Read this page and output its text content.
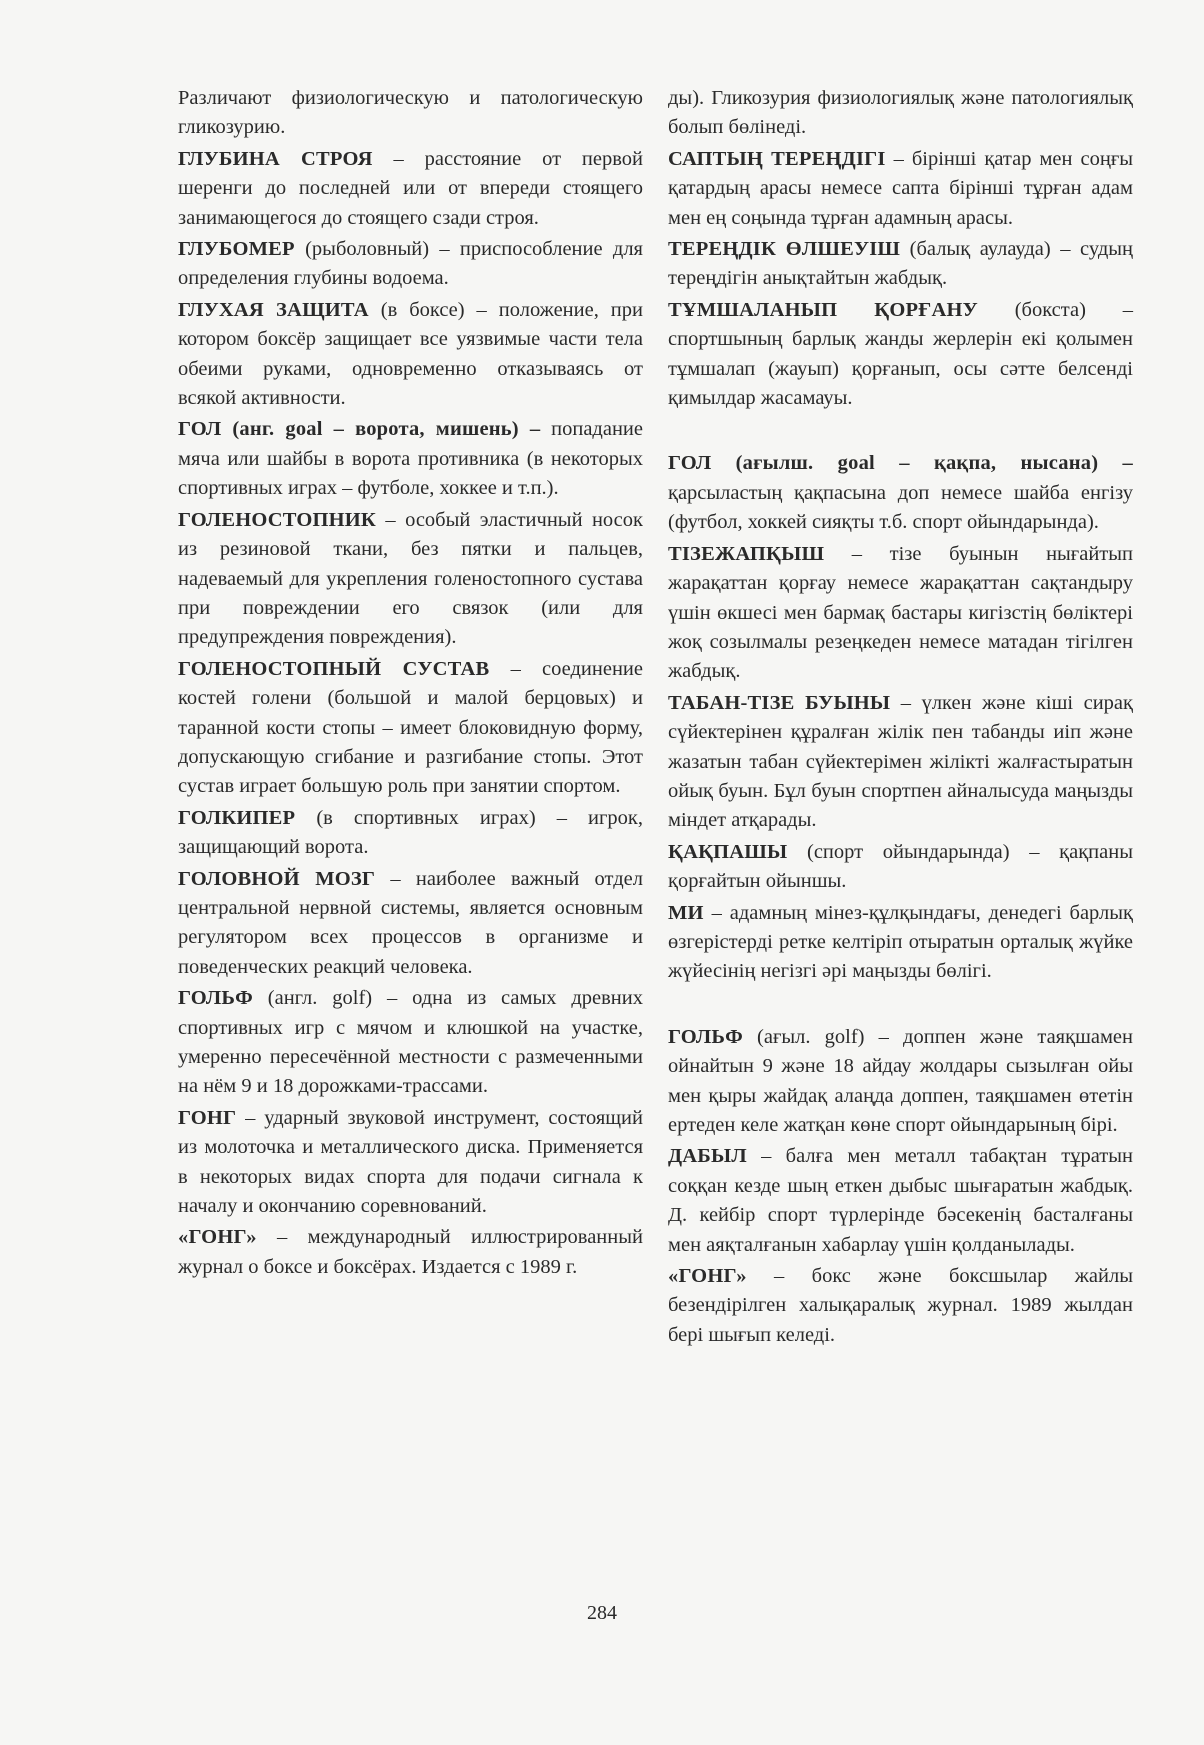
Различают физиологическую и патологическую гликозурию.

ГЛУБИНА СТРОЯ – расстояние от первой шеренги до последней или от впереди стоящего занимающегося до стоящего сзади строя.

ГЛУБОМЕР (рыболовный) – приспособление для определения глубины водоема.

ГЛУХАЯ ЗАЩИТА (в боксе) – положение, при котором боксёр защищает все уязвимые части тела обеими руками, одновременно отказываясь от всякой активности.

ГОЛ (анг. goal – ворота, мишень) – попадание мяча или шайбы в ворота противника (в некоторых спортивных играх – футболе, хоккее и т.п.).

ГОЛЕНОСТОПНИК – особый эластичный носок из резиновой ткани, без пятки и пальцев, надеваемый для укрепления голеностопного сустава при повреждении его связок (или для предупреждения повреждения).

ГОЛЕНОСТОПНЫЙ СУСТАВ – соединение костей голени (большой и малой берцовых) и таранной кости стопы – имеет блоковидную форму, допускающую сгибание и разгибание стопы. Этот сустав играет большую роль при занятии спортом.

ГОЛКИПЕР (в спортивных играх) – игрок, защищающий ворота.

ГОЛОВНОЙ МОЗГ – наиболее важный отдел центральной нервной системы, является основным регулятором всех процессов в организме и поведенческих реакций человека.

ГОЛЬФ (англ. golf) – одна из самых древних спортивных игр с мячом и клюшкой на участке, умеренно пересечённой местности с размеченными на нём 9 и 18 дорожками-трассами.

ГОНГ – ударный звуковой инструмент, состоящий из молоточка и металлического диска. Применяется в некоторых видах спорта для подачи сигнала к началу и окончанию соревнований.

«ГОНГ» – международный иллюстрированный журнал о боксе и боксёрах. Издается с 1989 г.

ды). Гликозурия физиологиялық және патологиялық болып бөлінеді.

САПТЫҢ ТЕРЕҢДІГІ – бірінші қатар мен соңғы қатардың арасы немесе сапта бірінші тұрған адам мен ең соңында тұрған адамның арасы.

ТЕРЕҢДІК ӨЛШЕУІШ (балық аулауда) – судың тереңдігін анықтайтын жабдық.

ТҰМШАЛАНЫП ҚОРҒАНУ (бокста) – спортшының барлық жанды жерлерін екі қолымен тұмшалап (жауып) қорғанып, осы сәтте белсенді қимылдар жасамауы.

ГОЛ (ағылш. goal – қақпа, нысана) – қарсыластың қақпасына доп немесе шайба енгізу (футбол, хоккей сияқты т.б. спорт ойындарында).

ТІЗЕЖАПҚЫШ – тізе буынын нығайтып жарақаттан қорғау немесе жарақаттан сақтандыру үшін өкшесі мен бармақ бастары кигізстің бөліктері жоқ созылмалы резеңкеден немесе матадан тігілген жабдық.

ТАБАН-ТІЗЕ БУЫНЫ – үлкен және кіші сирақ сүйектерінен құралған жілік пен табанды иіп және жазатын табан сүйектерімен жілікті жалғастыратын ойық буын. Бұл буын спортпен айналысуда маңызды міндет атқарады.

ҚАҚПАШЫ (спорт ойындарында) – қақпаны қорғайтын ойыншы.

МИ – адамның мінез-құлқындағы, денедегі барлық өзгерістерді ретке келтіріп отыратын орталық жүйке жүйесінің негізгі әрі маңызды бөлігі.

ГОЛЬФ (ағыл. golf) – доппен және таяқшамен ойнайтын 9 және 18 айдау жолдары сызылған ойы мен қыры жайдақ алаңда доппен, таяқшамен өтетін ертеден келе жатқан көне спорт ойындарының бірі.

ДАБЫЛ – балға мен металл табақтан тұратын соққан кезде шың еткен дыбыс шығаратын жабдық. Д. кейбір спорт түрлерінде бәсекенің басталғаны мен аяқталғанын хабарлау үшін қолданылады.

«ГОНГ» – бокс және боксшылар жайлы безендірілген халықаралық журнал. 1989 жылдан бері шығып келеді.

284
